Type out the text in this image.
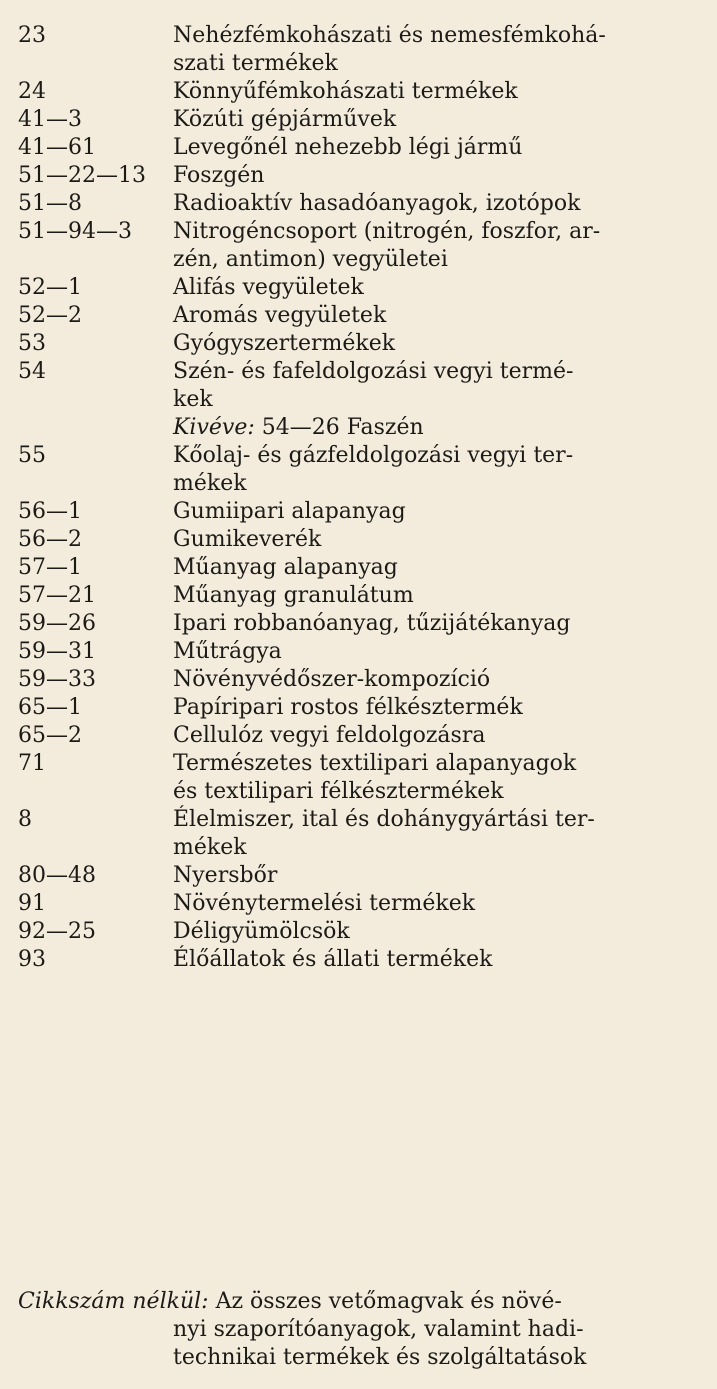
23	Nehézfémkohászati és nemesfémkohá-
szati termékek
24	Könnyűfémkohászati termékek
41—3	Közúti gépjárművek
41—61	Levegőnél nehezebb légi jármű
51—22—13	Foszgén
51—8	Radioaktív hasadóanyagok, izotópok
51—94—3	Nitrogéncsoport (nitrogén, foszfor, ar-
zén, antimon) vegyületei
52—1	Alifás vegyületek
52—2	Aromás vegyületek
53	Gyógyszertermékek
54	Szén- és fafeldolgozási vegyi termé-
kek
Kivéve: 54—26 Faszén
55	Kőolaj- és gázfeldolgozási vegyi ter-
mékek
56—1	Gumiipari alapanyag
56—2	Gumikeverék
57—1	Műanyag alapanyag
57—21	Műanyag granulátum
59—26	Ipari robbanóanyag, tűzijátékanyag
59—31	Műtrágya
59—33	Növényvédőszer-kompozíció
65—1	Papíripari rostos félkésztermék
65—2	Cellulóz vegyi feldolgozásra
71	Természetes textilipari alapanyagok
és textilipari félkésztermékek
8	Élelmiszer, ital és dohánygyártási ter-
mékek
80—48	Nyersbőr
91	Növénytermelési termékek
92—25	Déligyümölcsök
93	Élőállatok és állati termékek
Cikkszám nélkül: Az összes vetőmagvak és növé-
nyi szaporítóanyagok, valamint hadi-
technikai termékek és szolgáltatások
